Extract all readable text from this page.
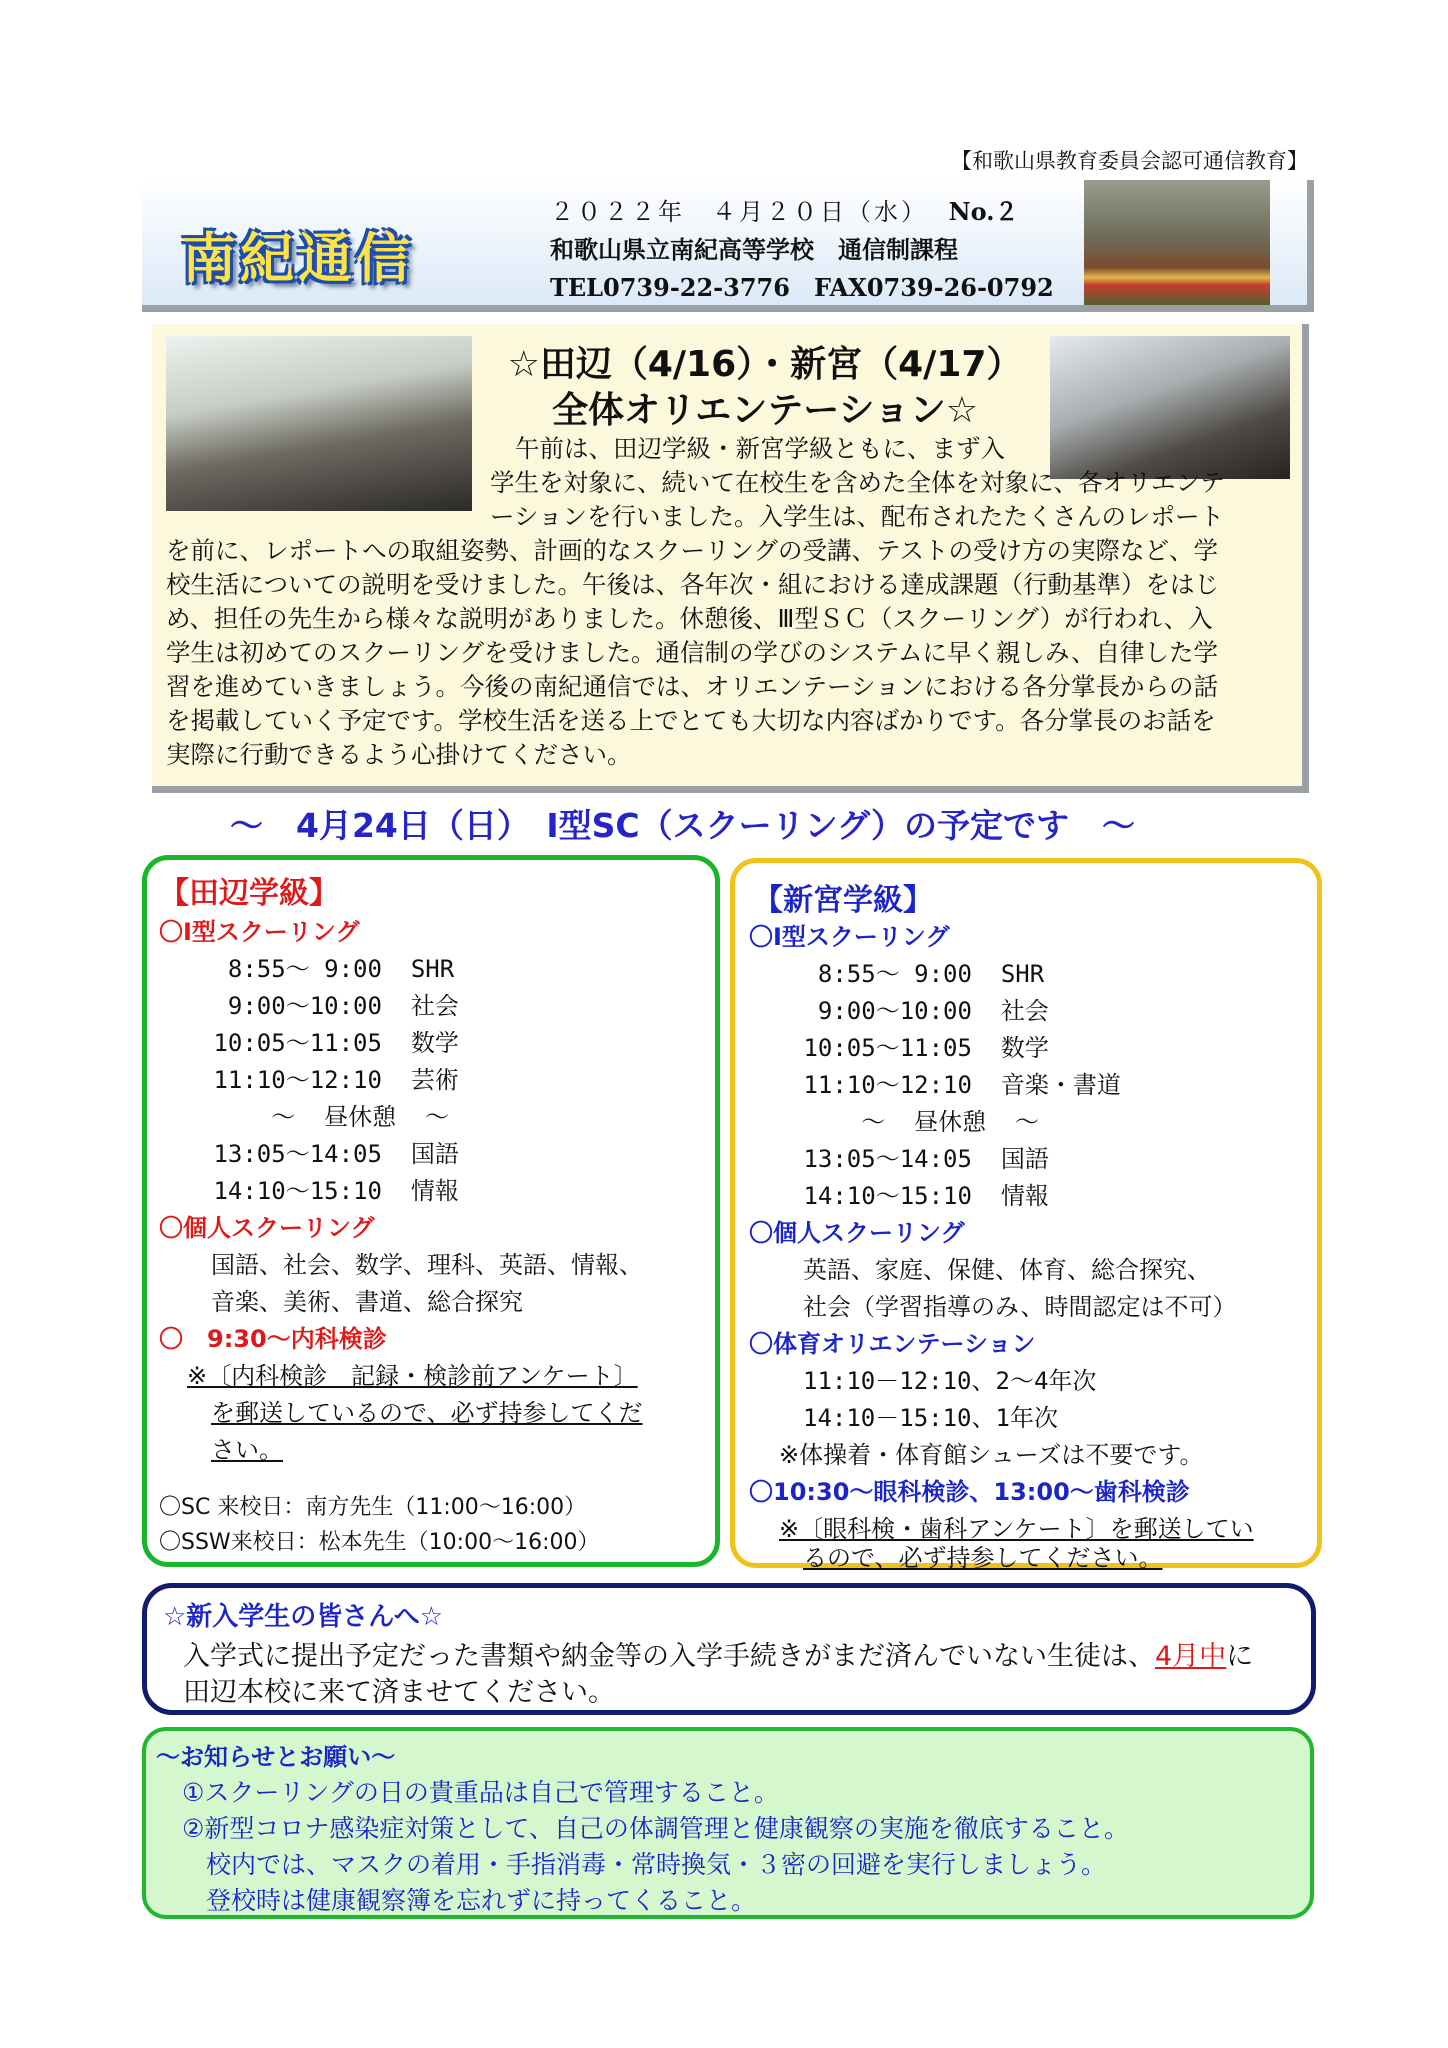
【和歌山県教育委員会認可通信教育】
南紀通信
２０２２年　４月２０日（水） No.２
和歌山県立南紀高等学校　通信制課程
TEL0739-22-3776　FAX0739-26-0792
☆田辺（4/16）・新宮（4/17）
全体オリエンテーション☆
午前は、田辺学級・新宮学級ともに、まず入
学生を対象に、続いて在校生を含めた全体を対象に、各オリエンテ
ーションを行いました。入学生は、配布されたたくさんのレポート
を前に、レポートへの取組姿勢、計画的なスクーリングの受講、テストの受け方の実際など、学
校生活についての説明を受けました。午後は、各年次・組における達成課題（行動基準）をはじ
め、担任の先生から様々な説明がありました。休憩後、Ⅲ型ＳＣ（スクーリング）が行われ、入
学生は初めてのスクーリングを受けました。通信制の学びのシステムに早く親しみ、自律した学
習を進めていきましょう。今後の南紀通信では、オリエンテーションにおける各分掌長からの話
を掲載していく予定です。学校生活を送る上でとても大切な内容ばかりです。各分掌長のお話を
実際に行動できるよう心掛けてください。
～　4月24日（日）　Ⅰ型SC（スクーリング）の予定です　～
【田辺学級】
〇Ⅰ型スクーリング
8:55～ 9:00  SHR
9:00～10:00  社会
10:05～11:05  数学
11:10～12:10  芸術
～  昼休憩  ～
13:05～14:05  国語
14:10～15:10  情報
〇個人スクーリング
国語、社会、数学、理科、英語、情報、
音楽、美術、書道、総合探究
〇　9:30～内科検診
※〔内科検診　記録・検診前アンケート〕
を郵送しているので、必ず持参してくだ
さい。
〇SC 来校日：南方先生（11:00～16:00）
〇SSW来校日：松本先生（10:00～16:00）
【新宮学級】
〇Ⅰ型スクーリング
8:55～ 9:00  SHR
9:00～10:00  社会
10:05～11:05  数学
11:10～12:10  音楽・書道
～  昼休憩  ～
13:05～14:05  国語
14:10～15:10  情報
〇個人スクーリング
英語、家庭、保健、体育、総合探究、
社会（学習指導のみ、時間認定は不可）
〇体育オリエンテーション
11:10－12:10、2～4年次
14:10－15:10、1年次
※体操着・体育館シューズは不要です。
〇10:30～眼科検診、13:00～歯科検診
※〔眼科検・歯科アンケート〕を郵送してい
るので、必ず持参してください。
☆新入学生の皆さんへ☆
入学式に提出予定だった書類や納金等の入学手続きがまだ済んでいない生徒は、4月中に
田辺本校に来て済ませてください。
～お知らせとお願い～
①スクーリングの日の貴重品は自己で管理すること。
②新型コロナ感染症対策として、自己の体調管理と健康観察の実施を徹底すること。
校内では、マスクの着用・手指消毒・常時換気・３密の回避を実行しましょう。
登校時は健康観察簿を忘れずに持ってくること。
